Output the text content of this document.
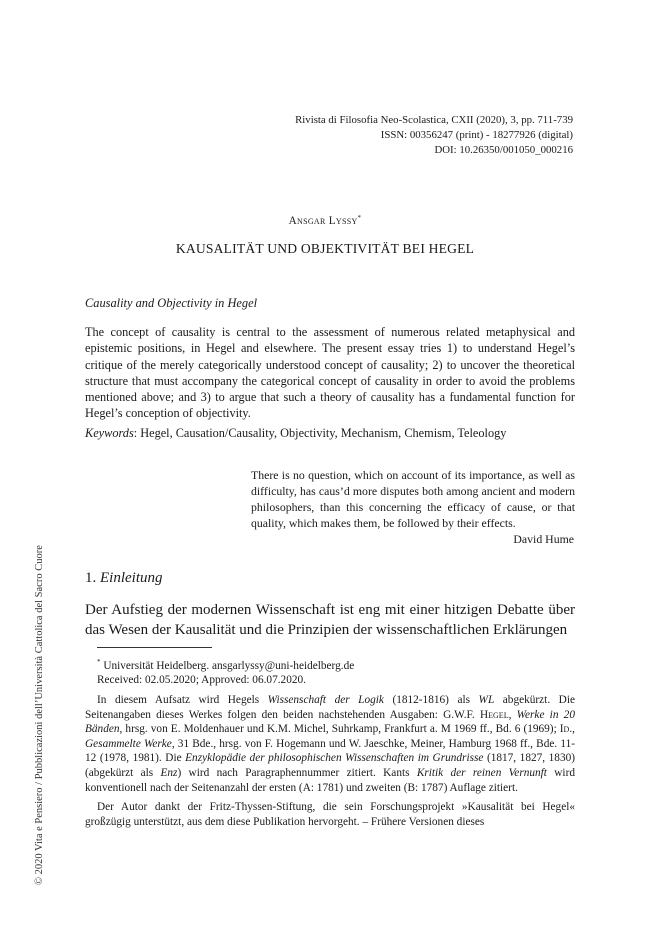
Rivista di Filosofia Neo-Scolastica, CXII (2020), 3, pp. 711-739
ISSN: 00356247 (print) - 18277926 (digital)
DOI: 10.26350/001050_000216
Ansgar Lyssy*
KAUSALITÄT UND OBJEKTIVITÄT BEI HEGEL
Causality and Objectivity in Hegel
The concept of causality is central to the assessment of numerous related metaphysical and epistemic positions, in Hegel and elsewhere. The present essay tries 1) to understand Hegel’s critique of the merely categorically understood concept of causality; 2) to uncover the theoretical structure that must accompany the categorical concept of causality in order to avoid the problems mentioned above; and 3) to argue that such a theory of causality has a fundamental function for Hegel’s conception of objectivity.
Keywords: Hegel, Causation/Causality, Objectivity, Mechanism, Chemism, Teleology
There is no question, which on account of its importance, as well as difficulty, has caus’d more disputes both among ancient and modern philosophers, than this concerning the efficacy of cause, or that quality, which makes them, be followed by their effects.
David Hume
1. Einleitung
Der Aufstieg der modernen Wissenschaft ist eng mit einer hitzigen Debatte über das Wesen der Kausalität und die Prinzipien der wissenschaftlichen Erklärungen

* Universität Heidelberg. ansgarlyssy@uni-heidelberg.de

Received: 02.05.2020; Approved: 06.07.2020.

In diesem Aufsatz wird Hegels Wissenschaft der Logik (1812-1816) als WL abgekürzt. Die Seitenangaben dieses Werkes folgen den beiden nachstehenden Ausgaben: G.W.F. Hegel, Werke in 20 Bänden, hrsg. von E. Moldenhauer und K.M. Michel, Suhrkamp, Frankfurt a. M 1969 ff., Bd. 6 (1969); Id., Gesammelte Werke, 31 Bde., hrsg. von F. Hogemann und W. Jaeschke, Meiner, Hamburg 1968 ff., Bde. 11-12 (1978, 1981). Die Enzyklopädie der philosophischen Wissenschaften im Grundrisse (1817, 1827, 1830) (abgekürzt als Enz) wird nach Paragraphennummer zitiert. Kants Kritik der reinen Vernunft wird konventionell nach der Seitenanzahl der ersten (A: 1781) und zweiten (B: 1787) Auflage zitiert.

Der Autor dankt der Fritz-Thyssen-Stiftung, die sein Forschungsprojekt »Kausalität bei Hegel« großzügig unterstützt, aus dem diese Publikation hervorgeht. – Frühere Versionen dieses

© 2020 Vita e Pensiero / Pubblicazioni dell’Università Cattolica del Sacro Cuore
